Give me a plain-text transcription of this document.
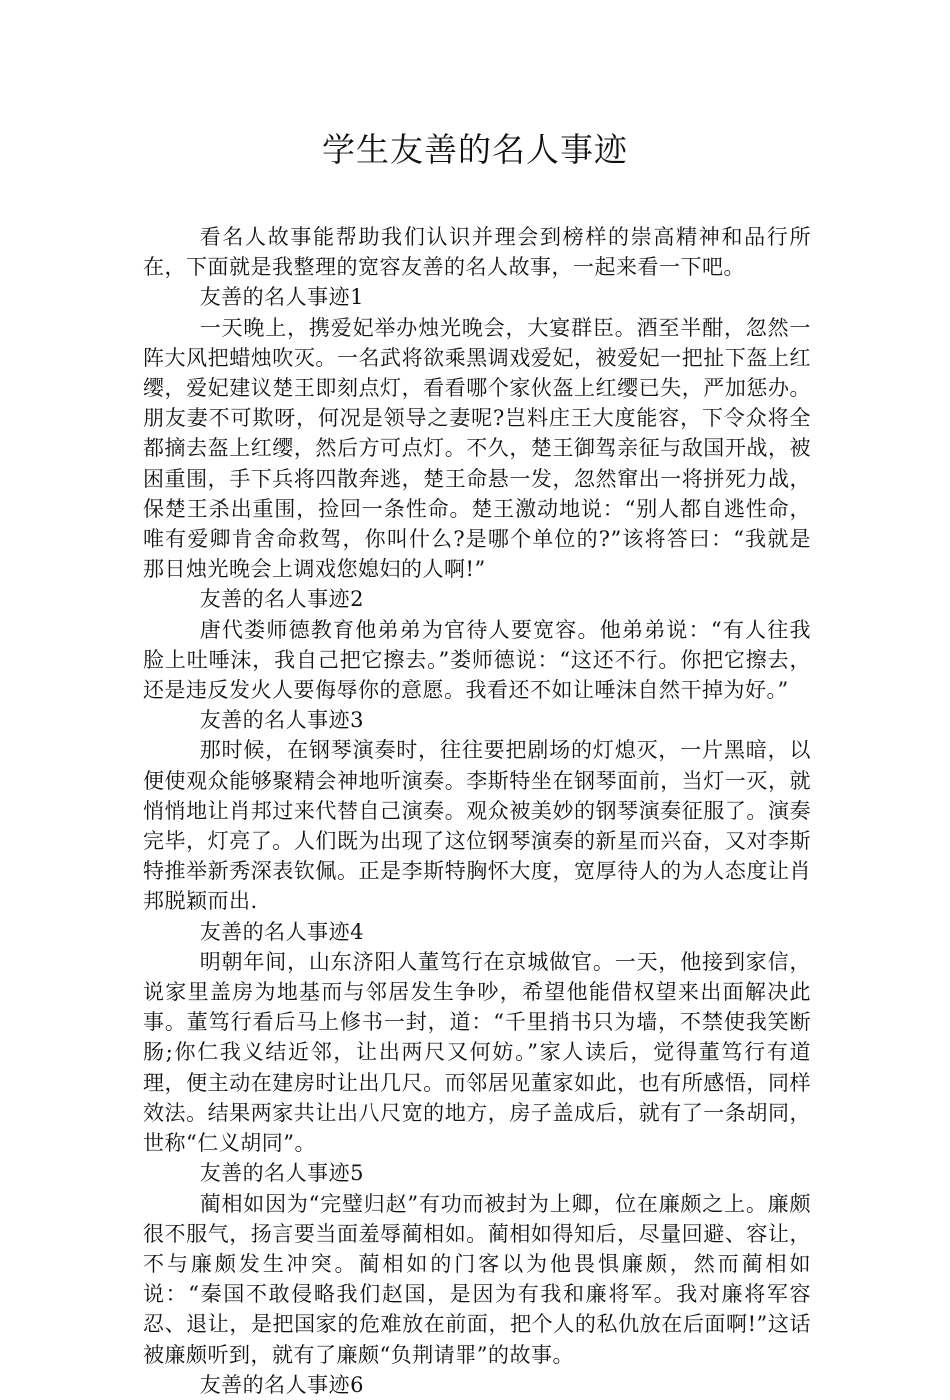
学生友善的名人事迹

看名人故事能帮助我们认识并理会到榜样的崇高精神和品行所在，下面就是我整理的宽容友善的名人故事，一起来看一下吧。

友善的名人事迹1

一天晚上，携爱妃举办烛光晚会，大宴群臣。酒至半酣，忽然一阵大风把蜡烛吹灭。一名武将欲乘黑调戏爱妃，被爱妃一把扯下盔上红缨，爱妃建议楚王即刻点灯，看看哪个家伙盔上红缨已失，严加惩办。朋友妻不可欺呀，何况是领导之妻呢?岂料庄王大度能容，下令众将全都摘去盔上红缨，然后方可点灯。不久，楚王御驾亲征与敌国开战，被困重围，手下兵将四散奔逃，楚王命悬一发，忽然窜出一将拼死力战，保楚王杀出重围，捡回一条性命。楚王激动地说：“别人都自逃性命，唯有爱卿肯舍命救驾，你叫什么?是哪个单位的?”该将答曰：“我就是那日烛光晚会上调戏您媳妇的人啊!”

友善的名人事迹2

唐代娄师德教育他弟弟为官待人要宽容。他弟弟说：“有人往我脸上吐唾沫，我自己把它擦去。”娄师德说：“这还不行。你把它擦去，还是违反发火人要侮辱你的意愿。我看还不如让唾沫自然干掉为好。”

友善的名人事迹3

那时候，在钢琴演奏时，往往要把剧场的灯熄灭，一片黑暗，以便使观众能够聚精会神地听演奏。李斯特坐在钢琴面前，当灯一灭，就悄悄地让肖邦过来代替自己演奏。观众被美妙的钢琴演奏征服了。演奏完毕，灯亮了。人们既为出现了这位钢琴演奏的新星而兴奋，又对李斯特推举新秀深表钦佩。正是李斯特胸怀大度，宽厚待人的为人态度让肖邦脱颖而出.

友善的名人事迹4

明朝年间，山东济阳人董笃行在京城做官。一天，他接到家信，说家里盖房为地基而与邻居发生争吵，希望他能借权望来出面解决此事。董笃行看后马上修书一封，道：“千里捎书只为墙，不禁使我笑断肠;你仁我义结近邻，让出两尺又何妨。”家人读后，觉得董笃行有道理，便主动在建房时让出几尺。而邻居见董家如此，也有所感悟，同样效法。结果两家共让出八尺宽的地方，房子盖成后，就有了一条胡同，世称“仁义胡同”。

友善的名人事迹5

蔺相如因为“完璧归赵”有功而被封为上卿，位在廉颇之上。廉颇很不服气，扬言要当面羞辱蔺相如。蔺相如得知后，尽量回避、容让，不与廉颇发生冲突。蔺相如的门客以为他畏惧廉颇，然而蔺相如说：“秦国不敢侵略我们赵国，是因为有我和廉将军。我对廉将军容忍、退让，是把国家的危难放在前面，把个人的私仇放在后面啊!”这话被廉颇听到，就有了廉颇“负荆请罪”的故事。

友善的名人事迹6
